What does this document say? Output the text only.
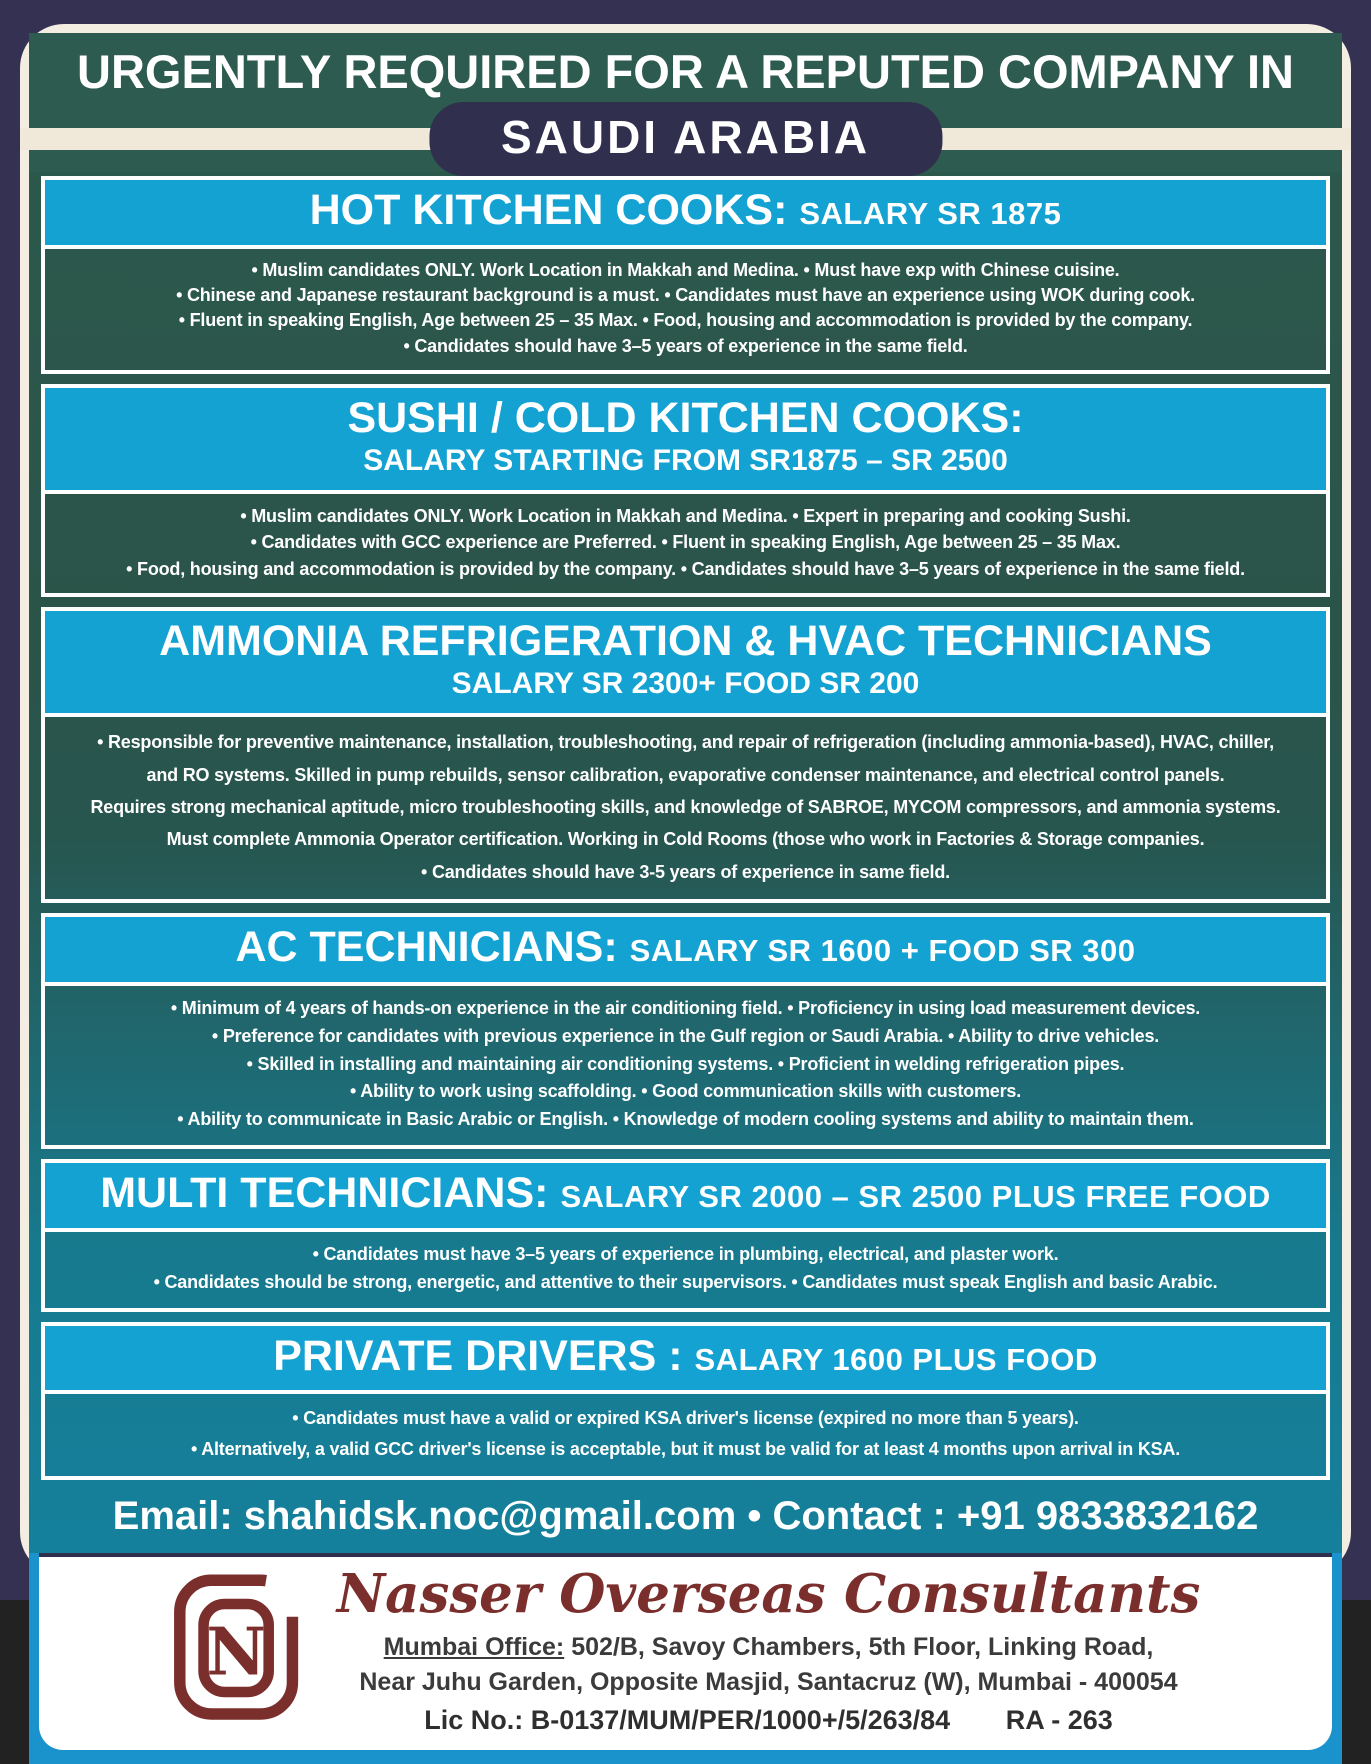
URGENTLY REQUIRED FOR A REPUTED COMPANY IN
SAUDI ARABIA
HOT KITCHEN COOKS: SALARY SR 1875
• Muslim candidates ONLY. Work Location in Makkah and Medina. • Must have exp with Chinese cuisine.
• Chinese and Japanese restaurant background is a must. • Candidates must have an experience using WOK during cook.
• Fluent in speaking English, Age between 25 – 35 Max. • Food, housing and accommodation is provided by the company.
• Candidates should have 3–5 years of experience in the same field.
SUSHI / COLD KITCHEN COOKS:
SALARY STARTING FROM SR1875 – SR 2500
• Muslim candidates ONLY. Work Location in Makkah and Medina. • Expert in preparing and cooking Sushi.
• Candidates with GCC experience are Preferred. • Fluent in speaking English, Age between 25 – 35 Max.
• Food, housing and accommodation is provided by the company. • Candidates should have 3–5 years of experience in the same field.
AMMONIA REFRIGERATION & HVAC TECHNICIANS
SALARY SR 2300+ FOOD SR 200
• Responsible for preventive maintenance, installation, troubleshooting, and repair of refrigeration (including ammonia-based), HVAC, chiller,
and RO systems. Skilled in pump rebuilds, sensor calibration, evaporative condenser maintenance, and electrical control panels.
Requires strong mechanical aptitude, micro troubleshooting skills, and knowledge of SABROE, MYCOM compressors, and ammonia systems.
Must complete Ammonia Operator certification. Working in Cold Rooms (those who work in Factories & Storage companies.
• Candidates should have 3-5 years of experience in same field.
AC TECHNICIANS: SALARY SR 1600 + FOOD SR 300
• Minimum of 4 years of hands-on experience in the air conditioning field. • Proficiency in using load measurement devices.
• Preference for candidates with previous experience in the Gulf region or Saudi Arabia. • Ability to drive vehicles.
• Skilled in installing and maintaining air conditioning systems. • Proficient in welding refrigeration pipes.
• Ability to work using scaffolding. • Good communication skills with customers.
• Ability to communicate in Basic Arabic or English. • Knowledge of modern cooling systems and ability to maintain them.
MULTI TECHNICIANS: SALARY SR 2000 – SR 2500 PLUS FREE FOOD
• Candidates must have 3–5 years of experience in plumbing, electrical, and plaster work.
• Candidates should be strong, energetic, and attentive to their supervisors. • Candidates must speak English and basic Arabic.
PRIVATE DRIVERS : SALARY 1600 PLUS FOOD
• Candidates must have a valid or expired KSA driver's license (expired no more than 5 years).
• Alternatively, a valid GCC driver's license is acceptable, but it must be valid for at least 4 months upon arrival in KSA.
Email: shahidsk.noc@gmail.com • Contact : +91 9833832162
N
Nasser Overseas Consultants
Mumbai Office: 502/B, Savoy Chambers, 5th Floor, Linking Road,
Near Juhu Garden, Opposite Masjid, Santacruz (W), Mumbai - 400054
Lic No.: B-0137/MUM/PER/1000+/5/263/84 RA - 263
